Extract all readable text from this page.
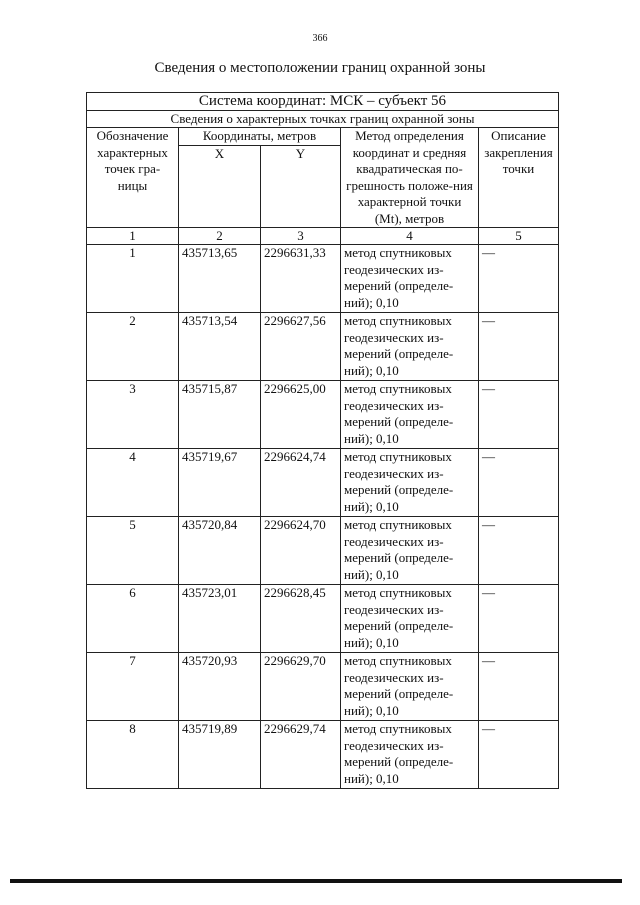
366
Сведения о местоположении границ охранной зоны
Система координат: МСК – субъект 56				
Сведения о характерных точках границ охранной зоны				
Обозначение характерных точек гра-ницы	Координаты, метров		Метод определения координат и средняя квадратическая по-грешность положе-ния характерной точки (Mt), метров	Описание закрепления точки
	X	Y		
1	2	3	4	5
1	435713,65	2296631,33	метод спутниковых геодезических из-мерений (определе-ний); 0,10	—
2	435713,54	2296627,56	метод спутниковых геодезических из-мерений (определе-ний); 0,10	—
3	435715,87	2296625,00	метод спутниковых геодезических из-мерений (определе-ний); 0,10	—
4	435719,67	2296624,74	метод спутниковых геодезических из-мерений (определе-ний); 0,10	—
5	435720,84	2296624,70	метод спутниковых геодезических из-мерений (определе-ний); 0,10	—
6	435723,01	2296628,45	метод спутниковых геодезических из-мерений (определе-ний); 0,10	—
7	435720,93	2296629,70	метод спутниковых геодезических из-мерений (определе-ний); 0,10	—
8	435719,89	2296629,74	метод спутниковых геодезических из-мерений (определе-ний); 0,10	—
